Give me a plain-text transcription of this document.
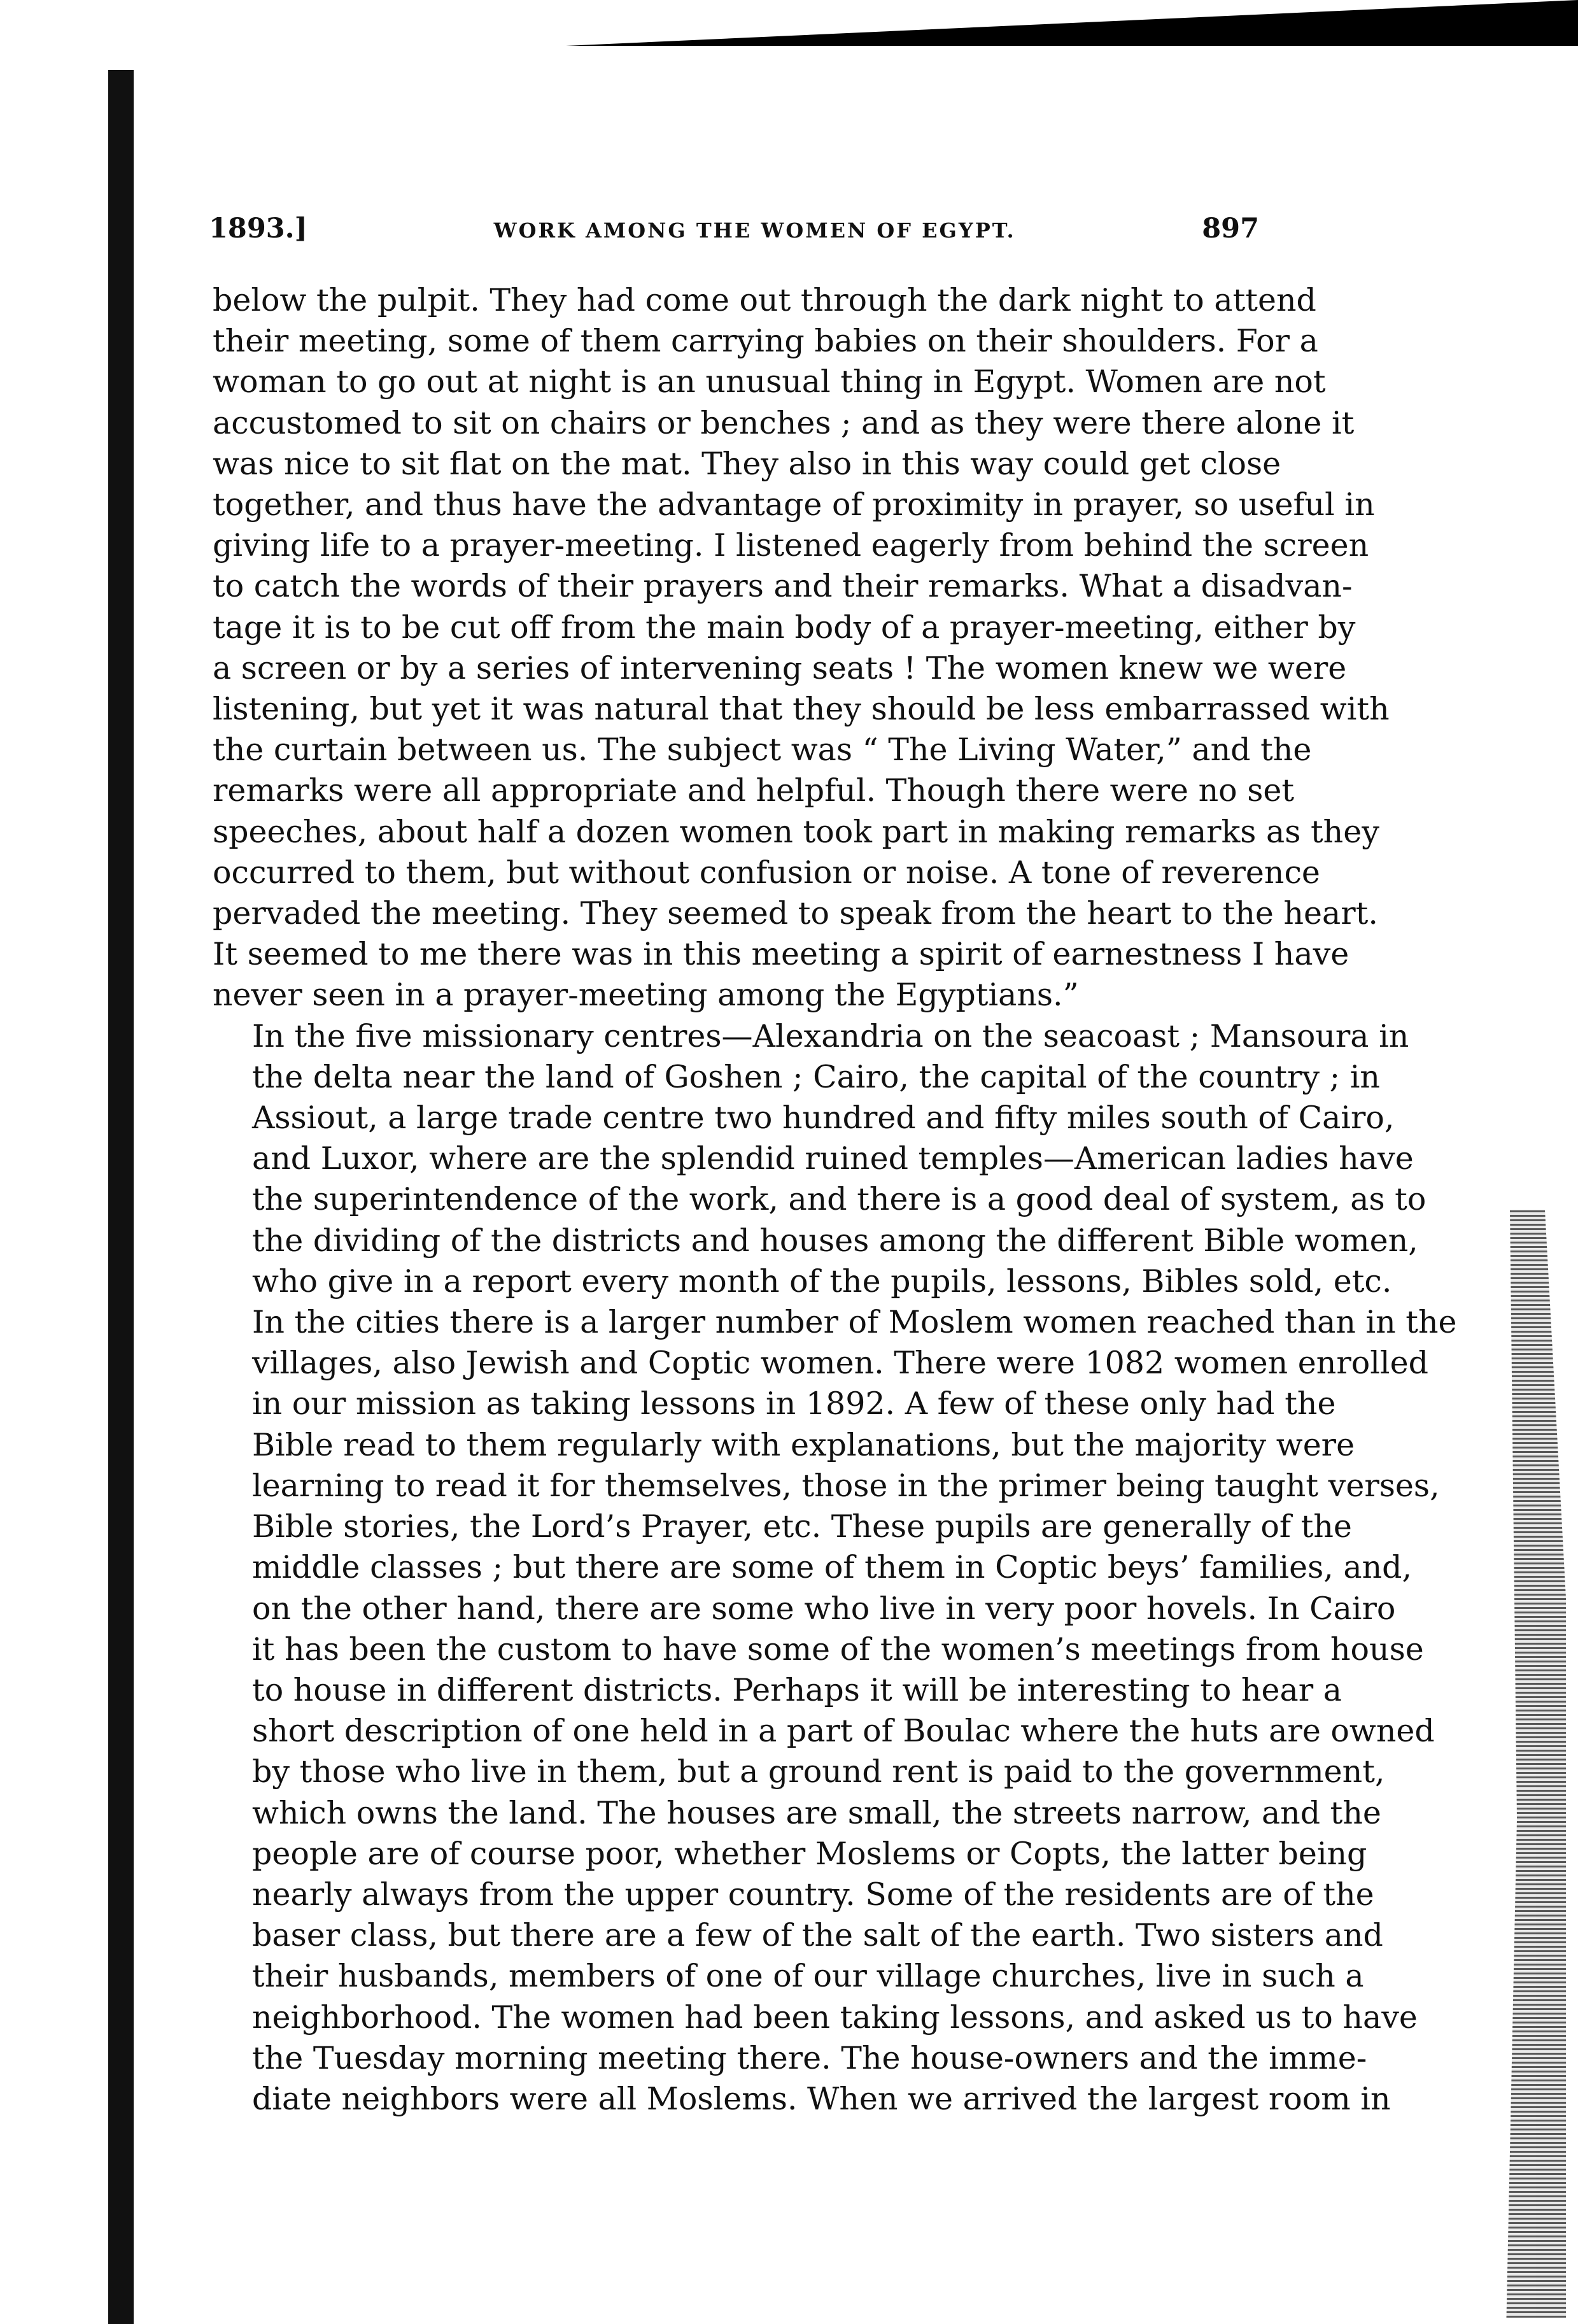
1893.]	WORK AMONG THE WOMEN OF EGYPT.	897
below the pulpit. They had come out through the dark night to attend
their meeting, some of them carrying babies on their shoulders. For a
woman to go out at night is an unusual thing in Egypt. Women are not
accustomed to sit on chairs or benches ; and as they were there alone it
was nice to sit flat on the mat. They also in this way could get close
together, and thus have the advantage of proximity in prayer, so useful in
giving life to a prayer-meeting. I listened eagerly from behind the screen
to catch the words of their prayers and their remarks. What a disadvan-
tage it is to be cut off from the main body of a prayer-meeting, either by
a screen or by a series of intervening seats ! The women knew we were
listening, but yet it was natural that they should be less embarrassed with
the curtain between us. The subject was “ The Living Water,” and the
remarks were all appropriate and helpful. Though there were no set
speeches, about half a dozen women took part in making remarks as they
occurred to them, but without confusion or noise. A tone of reverence
pervaded the meeting. They seemed to speak from the heart to the heart.
It seemed to me there was in this meeting a spirit of earnestness I have
never seen in a prayer-meeting among the Egyptians.”
In the five missionary centres—Alexandria on the seacoast ; Mansoura in
the delta near the land of Goshen ; Cairo, the capital of the country ; in
Assiout, a large trade centre two hundred and fifty miles south of Cairo,
and Luxor, where are the splendid ruined temples—American ladies have
the superintendence of the work, and there is a good deal of system, as to
the dividing of the districts and houses among the different Bible women,
who give in a report every month of the pupils, lessons, Bibles sold, etc.
In the cities there is a larger number of Moslem women reached than in the
villages, also Jewish and Coptic women. There were 1082 women enrolled
in our mission as taking lessons in 1892. A few of these only had the
Bible read to them regularly with explanations, but the majority were
learning to read it for themselves, those in the primer being taught verses,
Bible stories, the Lord’s Prayer, etc. These pupils are generally of the
middle classes ; but there are some of them in Coptic beys’ families, and,
on the other hand, there are some who live in very poor hovels. In Cairo
it has been the custom to have some of the women’s meetings from house
to house in different districts. Perhaps it will be interesting to hear a
short description of one held in a part of Boulac where the huts are owned
by those who live in them, but a ground rent is paid to the government,
which owns the land. The houses are small, the streets narrow, and the
people are of course poor, whether Moslems or Copts, the latter being
nearly always from the upper country. Some of the residents are of the
baser class, but there are a few of the salt of the earth. Two sisters and
their husbands, members of one of our village churches, live in such a
neighborhood. The women had been taking lessons, and asked us to have
the Tuesday morning meeting there. The house-owners and the imme-
diate neighbors were all Moslems. When we arrived the largest room in
